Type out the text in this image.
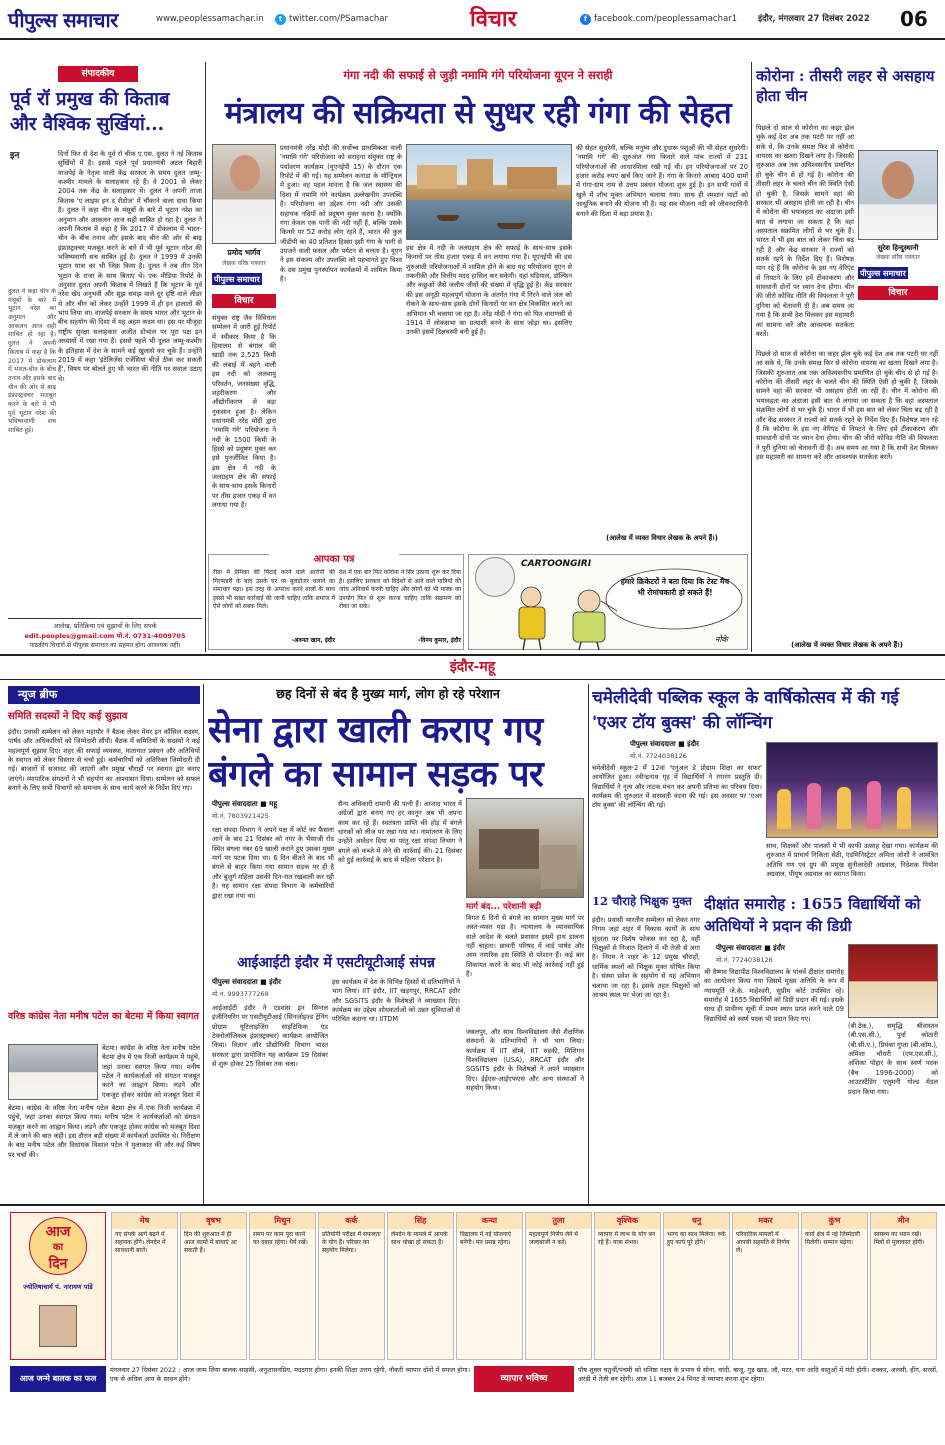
पीपुल्स समाचार	www.peoplessamachar.in	t twitter.com/PSamachar	विचार	f facebook.com/peoplessamachar1 इंदौर, मंगलवार 27 दिसंबर 2022 06
संपादकीय
पूर्व रॉ प्रमुख की किताब और वैश्विक सुर्खियां...
इन	दिनों फिर से देश के पूर्व रॉ चीफ ए.एस. दुलत ने नई किताब सुर्खियों में है। इससे पहले पूर्व प्रधानमंत्री अटल बिहारी वाजपेई के नेतृत्व वाली केंद्र सरकार के समय दुलत जम्मू-कश्मीर मामले के सलाहकार रहे हैं। वे 2001 से लेकर 2004 तक केंद्र के सलाहकार थे। दुलत ने अपनी ताजा किताब 'ए लाइफ इन द शैडोज' में चौंकाने वाला दावा किया है। दुलत ने कहा चीन के मंसूबों के बारे में भूटान नरेश का अनुमान और आकलन आज सही साबित हो रहा है। दुलत ने अपनी किताब में कहा है कि 2017 में डोकलाम में भारत-चीन के बीच तनाव और इसके बाद चीन की ओर से बाढ़ इंफ्रास्ट्रक्चर मजबूत करने के बारे में भी पूर्व भूटान नरेश की भविष्यवाणी सच साबित हुई है। दुलत ने 1999 में उनकी भूटान यात्रा का भी जिक्र किया है। दुलत ने तब तीन दिन भूटान के राजा के साथ बिताए थे। एक मीडिया रिपोर्ट के अनुसार दुलत अपनी किताब में लिखते हैं कि भूटान के पूर्व नरेश खेद अनुभवी और सूझ समझ वाले दूर दृष्टि वाले लीडर थे और चीन को लेकर उन्होंने 1999 में ही इन हालातों की भांप लिया था। वाजपेई सरकार के समय भारत और भूटान के बीच सहयोग की दिशा में यह अहम कदम था। इस पर मौजूदा राष्ट्रीय सुरक्षा सलाहकार अजीत डोभाल पर पूरा पक्ष इन अध्यायों में रखा गया है। इससे पहले भी दुलत जम्मू-कश्मीर के इतिहास में देश के सामने कई खुलासे कर चुके हैं। उन्होंने 2019 में कहा 'इंटेलिजेंस एजेंसियां चीज़ें ठीक कर सकती हैं', विषय पर बोलते हुए भी भारत की नीति पर सवाल उठाए थे।
दुलत ने कहा चीन के मंसूबों के बारे में भूटान नरेश का अनुमान और आकलन आज सही साबित हो रहा है। दुलत ने अपनी किताब में कहा है कि 2017 में डोकलाम में भारत-चीन के बीच तनाव और इसके बाद चीन की ओर से बाढ़ इंफ्रास्ट्रक्चर मजबूत करने के बारे में भी पूर्व भूटान नरेश की भविष्यवाणी सच साबित हुई।
आलेख, प्रतिक्रिया एवं सुझावों के लिए संपर्क
edit.peoples@gmail.com मो.नं. 0731-4009705
पाठकीय विचारों से पीपुल्स समाचार का सहमत होना आवश्यक नहीं।
गंगा नदी की सफाई से जुड़ी नमामि गंगे परियोजना यूएन ने सराही
मंत्रालय की सक्रियता से सुधर रही गंगा की सेहत
प्रमोद भार्गव
लेखक वरिष्ठ पत्रकार
पीपुल्स समाचार
विचार
संयुक्त राष्ट्र जैव विविधता सम्मेलन में जारी हुई रिपोर्ट में स्वीकार किया है कि हिमालय से बंगाल की खाड़ी तक 2,525 किमी की लंबाई में बहने वाली इस नदी को जलवायु परिवर्तन, जनसंख्या वृद्धि, शहरीकरण और औद्योगीकरण से बड़ा नुकसान हुआ है। लेकिन प्रधानमंत्री नरेंद्र मोदी द्वारा 'नमामि गंगे' परियोजना ने नदी के 1500 किमी के हिस्से को प्रदूषण मुक्त कर इसे पुनर्जीवित किया है। इस क्षेत्र में नदी के जलग्रहण क्षेत्र की सफाई के साथ-साथ इसके किनारों पर तीस हजार एकड़ में वन लगाया गया है।
प्रधानमंत्री नरेंद्र मोदी की सर्वोच्च प्राथमिकता वाली 'नमामि गंगे' परियोजना को सराहना संयुक्त राष्ट्र के पर्यावरण कार्यक्रम (यूएनईपी 15) के दौरान एक रिपोर्ट में की गई। यह सम्मेलन कनाडा के मॉन्ट्रियल में हुआ। वह पहल मानता है कि जल स्वास्थ्य की दिशा में नमामि गंगे कार्यक्रम उल्लेखनीय उपलब्धि है। परियोजना का उद्देश्य गंगा नदी और उसकी सहायक नदियों को प्रदूषण मुक्त करना है। क्योंकि गंगा केवल एक पानी की नदी नहीं है, बल्कि उसके किनारे पर 52 करोड़ लोग रहते हैं, भारत की कुल जीडीपी का 40 प्रतिशत हिस्सा इसी गंगा के पानी से उपजने वाली फसल और पर्यटन से चलता है। यूएन ने इस संकल्प और उपलब्धि को पहचानते हुए विश्व के दस प्रमुख पुनर्स्थापन कार्यक्रमों में शामिल किया है।
इस क्षेत्र में नदी के जलग्रहण क्षेत्र की सफाई के साथ-साथ इसके किनारों पर तीस हजार एकड़ में वन लगाया गया है। यूएनईपी की दस शुरुआती परियोजनाओं में शामिल होने के बाद यह परियोजना यूएन से तकनीकी और वित्तीय मदद हासिल कर सकेगी। यहां घड़ियाल, डॉल्फिन और कछुओं जैसे जलीय जीवों की संख्या में वृद्धि हुई है। केंद्र सरकार की इस अनूठी महत्वपूर्ण योजना के अंतर्गत गंगा में गिरने वाले जल को रोकने के साथ-साथ इसके दोनों किनारों पर वन क्षेत्र विकसित करने का अभियान भी चलाया जा रहा है। नरेंद्र मोदी ने गंगा को फिर वाराणसी से 1914 में लोकसभा का प्रत्याशी बनने के साथ जोड़ा था। इसलिए उनकी इसमें दिलचस्पी बनी हुई है।
की सेहत सुधरेगी, बल्कि मनुष्य और दुधारू पशुओं की भी सेहत सुधरेगी। 'नमामि गंगे' की शुरुआत गंगा किनारे वाले पांच राज्यों में 231 परियोजनाओं की आधारशिला रखी गई थी। इन परियोजनाओं पर 20 हजार करोड़ रुपए खर्च किए जाने हैं। गंगा के किनारे आबाद 400 ग्रामों में गंगा-ग्राम नाम से उत्तम प्रबंधन योजना शुरू हुई है। इन सभी गांवों में खुले में शौच मुक्त अभियान चलाया गया। साथ ही श्मशान घाटों को आधुनिक बनाने की योजना भी है। यह सब योजना नदी को जीवनदायिनी बनाने की दिशा में बड़ा प्रयास है।
(आलेख में व्यक्त विचार लेखक के अपने हैं।)
कोरोना : तीसरी लहर से असहाय होता चीन
सुरेश हिन्दुस्थानी
लेखक वरिष्ठ पत्रकार
पीपुल्स समाचार
विचार
पिछले दो साल से कोरोना का कहर झेल चुके कई देश अब तक पटरी पर नहीं आ सके थे, कि उनके समक्ष फिर से कोरोना वायरस का खतरा दिखने लगा है। जिसकी शुरुआत अब तक अविश्वसनीय प्रमाणित हो चुके चीन से हो गई है। कोरोना की तीसरी लहर के चलते चीन की स्थिति ऐसी हो चुकी है, जिसके सामने वहां की सरकार भी असहाय होती जा रही है। चीन में कोरोना की भयावहता का अंदाजा इसी बात से लगाया जा सकता है कि वहां अस्पताल संक्रमित लोगों से भर चुके हैं। भारत में भी इस बात को लेकर चिंता बढ़ रही है और केंद्र सरकार ने राज्यों को सतर्क रहने के निर्देश दिए हैं। विशेषज्ञ मान रहे हैं कि कोरोना के इस नए वेरिएंट से निपटने के लिए हमें टीकाकरण और सावधानी दोनों पर ध्यान देना होगा। चीन की जीरो कोविड नीति की विफलता ने पूरी दुनिया को चेतावनी दी है। अब समय आ गया है कि सभी देश मिलकर इस महामारी का सामना करें और आवश्यक सतर्कता बरतें।
पिछले दो साल से कोरोना का कहर झेल चुके कई देश अब तक पटरी पर नहीं आ सके थे, कि उनके समक्ष फिर से कोरोना वायरस का खतरा दिखने लगा है। जिसकी शुरुआत अब तक अविश्वसनीय प्रमाणित हो चुके चीन से हो गई है। कोरोना की तीसरी लहर के चलते चीन की स्थिति ऐसी हो चुकी है, जिसके सामने वहां की सरकार भी असहाय होती जा रही है। चीन में कोरोना की भयावहता का अंदाजा इसी बात से लगाया जा सकता है कि वहां अस्पताल संक्रमित लोगों से भर चुके हैं। भारत में भी इस बात को लेकर चिंता बढ़ रही है और केंद्र सरकार ने राज्यों को सतर्क रहने के निर्देश दिए हैं। विशेषज्ञ मान रहे हैं कि कोरोना के इस नए वेरिएंट से निपटने के लिए हमें टीकाकरण और सावधानी दोनों पर ध्यान देना होगा। चीन की जीरो कोविड नीति की विफलता ने पूरी दुनिया को चेतावनी दी है। अब समय आ गया है कि सभी देश मिलकर इस महामारी का सामना करें और आवश्यक सतर्कता बरतें।
(आलेख में व्यक्त विचार लेखक के अपने हैं।)
आपका पत्र
रीवा में प्रेमिका की पिटाई करने वाले आरोपी की गिरफ्तारी के बाद उसके घर पर बुलडोजर चलाने का समाचार पढ़ा। इस तरह के अपराध करने वालों के साथ इससे भी सख्त कार्रवाई की जानी चाहिए ताकि समाज में ऐसे लोगों को सबक मिले।
-अवनत खान, इंदौर
देश में एक बार फिर कोरोना ने सिर उठाना शुरू कर दिया है। इसलिए सरकार को विदेशों से आने वाले यात्रियों की जांच अनिवार्य करनी चाहिए और लोगों को भी मास्क का उपयोग फिर से शुरू करना चाहिए ताकि संक्रमण को रोका जा सके।
-विनय कुमार, इंदौर
CARTOONGIRI
हमारे क्रिकेटरों ने बता दिया कि टेस्ट मैच भी रोमांचकारी हो सकते हैं!
नोके
इंदौर-महू
न्यूज ब्रीफ
समिति सदस्यों ने दिए कई सुझाव
इंदौर। प्रवासी सम्मेलन को लेकर महापौर ने बैठक लेकर मेयर इन कौंसिल सदस्य, पार्षद और अधिकारियों को जिम्मेदारी सौंपी। बैठक में समितियों के सदस्यों ने कई महत्वपूर्ण सुझाव दिए। शहर की सफाई व्यवस्था, यातायात प्रबंधन और अतिथियों के स्वागत को लेकर विस्तार से चर्चा हुई। कर्मचारियों को अतिरिक्त जिम्मेदारी दी गई। बाजारों में सजावट की जाएगी और प्रमुख चौराहों पर स्वागत द्वार बनाए जाएंगे। व्यापारिक संगठनों ने भी सहयोग का आश्वासन दिया। सम्मेलन को सफल बनाने के लिए सभी विभागों को समन्वय के साथ कार्य करने के निर्देश दिए गए।
वरिष्ठ कांग्रेस नेता मनीष पटेल का बेटमा में किया स्वागत
बेटमा। कांग्रेस के वरिष्ठ नेता मनीष पटेल बेटमा क्षेत्र में एक निजी कार्यक्रम में पहुंचे, जहां उनका स्वागत किया गया। मनीष पटेल ने कार्यकर्ताओं को संगठन मजबूत करने का आह्वान किया। लड़ने और एकजुट होकर कांग्रेस को मजबूत दिशा में
बेटमा। कांग्रेस के वरिष्ठ नेता मनीष पटेल बेटमा क्षेत्र में एक निजी कार्यक्रम में पहुंचे, जहां उनका स्वागत किया गया। मनीष पटेल ने कार्यकर्ताओं को संगठन मजबूत करने का आह्वान किया। लड़ने और एकजुट होकर कांग्रेस को मजबूत दिशा में ले जाने की बात कही। इस दौरान बड़ी संख्या में कार्यकर्ता उपस्थित थे। निरीक्षण के बाद मनीष पटेल और विधायक विशाल पटेल ने मुलाकात की और कई विषय पर चर्चा की।
छह दिनों से बंद है मुख्य मार्ग, लोग हो रहे परेशान
सेना द्वारा खाली कराए गए बंगले का सामान सड़क पर
पीपुल्स संवाददाता ■ महू
मो.नं. 7803921425
रक्षा संपदा विभाग ने अपने पक्ष में कोर्ट का फैसला आने के बाद 21 दिसंबर को नगर के भैंसाजी रोड स्थित बंगला नंबर 69 खाली कराने हुए उसका मुख्य मार्ग पर पटक दिया था। 6 दिन बीतने के बाद भी बंगले से बाहर किया गया सामान सड़क पर ही है और बुजुर्ग महिला उसकी दिन-रात रखवाली कर रही है। यह सामान रक्षा संपदा विभाग के कर्मचारियों द्वारा रखा गया था।
सैन्य अधिकारी रामानी की पत्नी हैं। आजाद भारत में अंग्रेजों द्वारा बनाए गए हर कानून अब भी अपना काम कर रहे हैं। स्वतंत्रता प्राप्ति की होड़ में बंगले धारकों को लीज पर रखा गया था। नामांतरण के लिए उन्होंने आवेदन दिया था परंतु रक्षा संपदा विभाग ने बंगले को कब्जे में लेने की कार्रवाई की। 21 दिसंबर को हुई कार्रवाई के बाद से महिला परेशान है।
मार्ग बंद... परेशानी बढ़ी
विगत 6 दिनों से बंगले का सामान मुख्य मार्ग पर अस्त-व्यस्त पड़ा है। न्यायालय के व्यावसायिक वाले आदेश के चलते प्रशासन इसमें हाथ डालना नहीं चाहता। छावनी परिषद में वार्ड पार्षद और आम नागरिक इस स्थिति से परेशान हैं। कई बार शिकायत करने के बाद भी कोई कार्रवाई नहीं हुई है।
आईआईटी इंदौर में एसटीयूटीआई संपन्न
पीपुल्स संवाददाता ■ इंदौर
मो.नं. 9993777268
आईआईटी इंदौर ने एडवांस इन सिग्नल इंजीनियरिंग पर एसटीयूटीआई (सिनर्जाइज्ड ट्रेनिंग प्रोग्राम यूटिलाइजिंग साइंटिफिक एंड टेक्नोलॉजिकल इंफ्रास्ट्रक्चर) कार्यक्रम आयोजित किया। विज्ञान और प्रौद्योगिकी विभाग भारत सरकार द्वारा प्रायोजित यह कार्यक्रम 19 दिसंबर से शुरू होकर 25 दिसंबर तक चला।
इस कार्यक्रम में देश के विभिन्न हिस्सों से प्रतिभागियों ने भाग लिया। IIT इंदौर, IIT खड़गपुर, RRCAT इंदौर और SGSITS इंदौर के विशेषज्ञों ने व्याख्यान दिए। कार्यक्रम का उद्देश्य शोधकर्ताओं को उन्नत सुविधाओं से परिचित कराना था। IITDM
जबलपुर, और साथ विश्वविद्यालय जैसे शैक्षणिक संस्थानों के प्रतिभागियों ने भी भाग लिया। कार्यक्रम में IIT बॉम्बे, IIT रुड़की, मिशिगन विश्वविद्यालय (USA), RRCAT इंदौर और SGSITS इंदौर के विशेषज्ञों ने अपने व्याख्यान दिए। ईईएस-आईएफएस और अन्य संस्थाओं ने सहयोग किया।
चमेलीदेवी पब्लिक स्कूल के वार्षिकोत्सव में की गई 'एअर टॉय बुक्स' की लॉन्चिंग
पीपुल्स संवाददाता ■ इंदौर
मो.नं. 7724038126
चमेलीदेवी स्कूल-2 में 12वां 'एनुअल डे प्रोग्राम शिक्षा का सफर' आयोजित हुआ। रवीन्द्रनाथ गृह में विद्यार्थियों ने रंगारंग प्रस्तुति दी। विद्यार्थियों ने नृत्य और नाटक मंचन कर अपनी प्रतिभा का परिचय दिया। कार्यक्रम की शुरुआत में सरस्वती वंदना की गई। इस अवसर पर 'एअर टॉय बुक्स' की लॉन्चिंग की गई।
साथ, शिक्षकों और पालकों में भी काफी उत्साह देखा गया। कार्यक्रम की शुरुआत में प्राचार्य निकिता सेठी, एडमिनिस्ट्रेटर अमिता जोशी ने आमंत्रित अतिथि गण एवं ग्रुप की प्रमुख सुनीलादेवी अग्रवाल, निदेशक पियोश अग्रवाल, पीयूष अग्रवाल का स्वागत किया।
12 चौराहे भिक्षुक मुक्त
इंदौर। प्रवासी भारतीय सम्मेलन को लेकर नगर निगम जहां शहर में विकास कार्यों के साथ सुंदरता पर विशेष फोकस कर रहा है, वहीं भिक्षुकों से निजात दिलाने में भी तेजी से लगा है। निगम ने शहर के 12 प्रमुख चौराहों, धार्मिक स्थलों को भिक्षुक मुक्त घोषित किया है। संस्था प्रवेश के सहयोग से यह अभियान चलाया जा रहा है। इसके तहत भिक्षुकों को आश्रय स्थल पर भेजा जा रहा है।
दीक्षांत समारोह : 1655 विद्यार्थियों को अतिथियों ने प्रदान की डिग्री
पीपुल्स संवाददाता ■ इंदौर
मो.नं. 7724038126
श्री वैष्णव विद्यापीठ विश्वविद्यालय के पांचवें दीक्षांत समारोह का आयोजन किया गया जिसमें मुख्य अतिथि के रूप में न्यायमूर्ति जे.के. माहेश्वरी, सुप्रीम कोर्ट उपस्थित रहे। समारोह में 1655 विद्यार्थियों को डिग्री प्रदान की गई। इसके साथ ही प्रावीण्य सूची में प्रथम स्थान प्राप्त करने वाले 09 विद्यार्थियों को स्वर्ण पदक भी प्रदान किए गए।
(बी.टेक.), समृद्धि श्रीवास्तव (बी.एस.सी.), पूर्वा कोठारी (बी.सी.ए.), प्रियंका गुप्ता (बी.कॉम.), अमिशा चौधरी (एम.एस.सी.), अंशिका पोद्दार के साथ स्वर्ण पदक (बैच 1996-2000) को आउटस्टैंडिंग एलुमनी गोल्ड मेडल प्रदान किया गया।
आज
का
दिन
ज्योतिषाचार्य पं. नारायण पांडे
मेष
नए संपर्क आगे बढ़ने में सहायक होंगे। लेनदेन में सावधानी बरतें।
वृषभ
दिन की शुरुआत में ही आज कामों में बाधाएं आ सकती हैं।
मिथुन
समय पर काम पूरा करने का दबाव रहेगा। धैर्य रखें।
कर्क
प्रतियोगी परीक्षा में सफलता के योग हैं। परिवार का सहयोग मिलेगा।
सिंह
लेनदेन के मामले में आपके साथ धोखा हो सकता है।
कन्या
विद्यालय में नई योजनाएं बनेंगी। मन प्रसन्न रहेगा।
तुला
महत्वपूर्ण निर्णय लेने में जल्दबाजी न करें।
वृश्चिक
व्यापार में लाभ के योग बन रहे हैं। यात्रा संभव।
धनु
भाग्य का साथ मिलेगा। रुके हुए कार्य पूरे होंगे।
मकर
परिवारिक मामलों में आपसी सहमति से निर्णय लें।
कुंभ
कार्य क्षेत्र में नई जिम्मेदारी मिलेगी। सम्मान बढ़ेगा।
मीन
स्वास्थ्य का ध्यान रखें। मित्रों से मुलाकात होगी।
आज जन्मे बालक का फल
मंगलवार 27 दिसंबर 2022 : आज जन्म लिया बालक साहसी, अनुशासनप्रिय, मददगार होगा। इनकी शिक्षा उत्तम रहेगी, नौकरी व्यापार दोनों में सफल होगा। एक से अधिक आय के साधन होंगे।	व्यापार भविष्य
पौष शुक्ल चतुर्थी/पंचमी को धनिष्ठा नक्षत्र के प्रभाव से सोना, चांदी, बाजू, गुड़ खाड़, जौ, मटर, चना आदि वस्तुओं में मंदी होगी। शक्कर, अलसी, हींग, सरसों, अरंडी में तेजी बन रहेगी। आज 11 बजकर 24 मिनट से व्यापार करना शुभ रहेगा।
